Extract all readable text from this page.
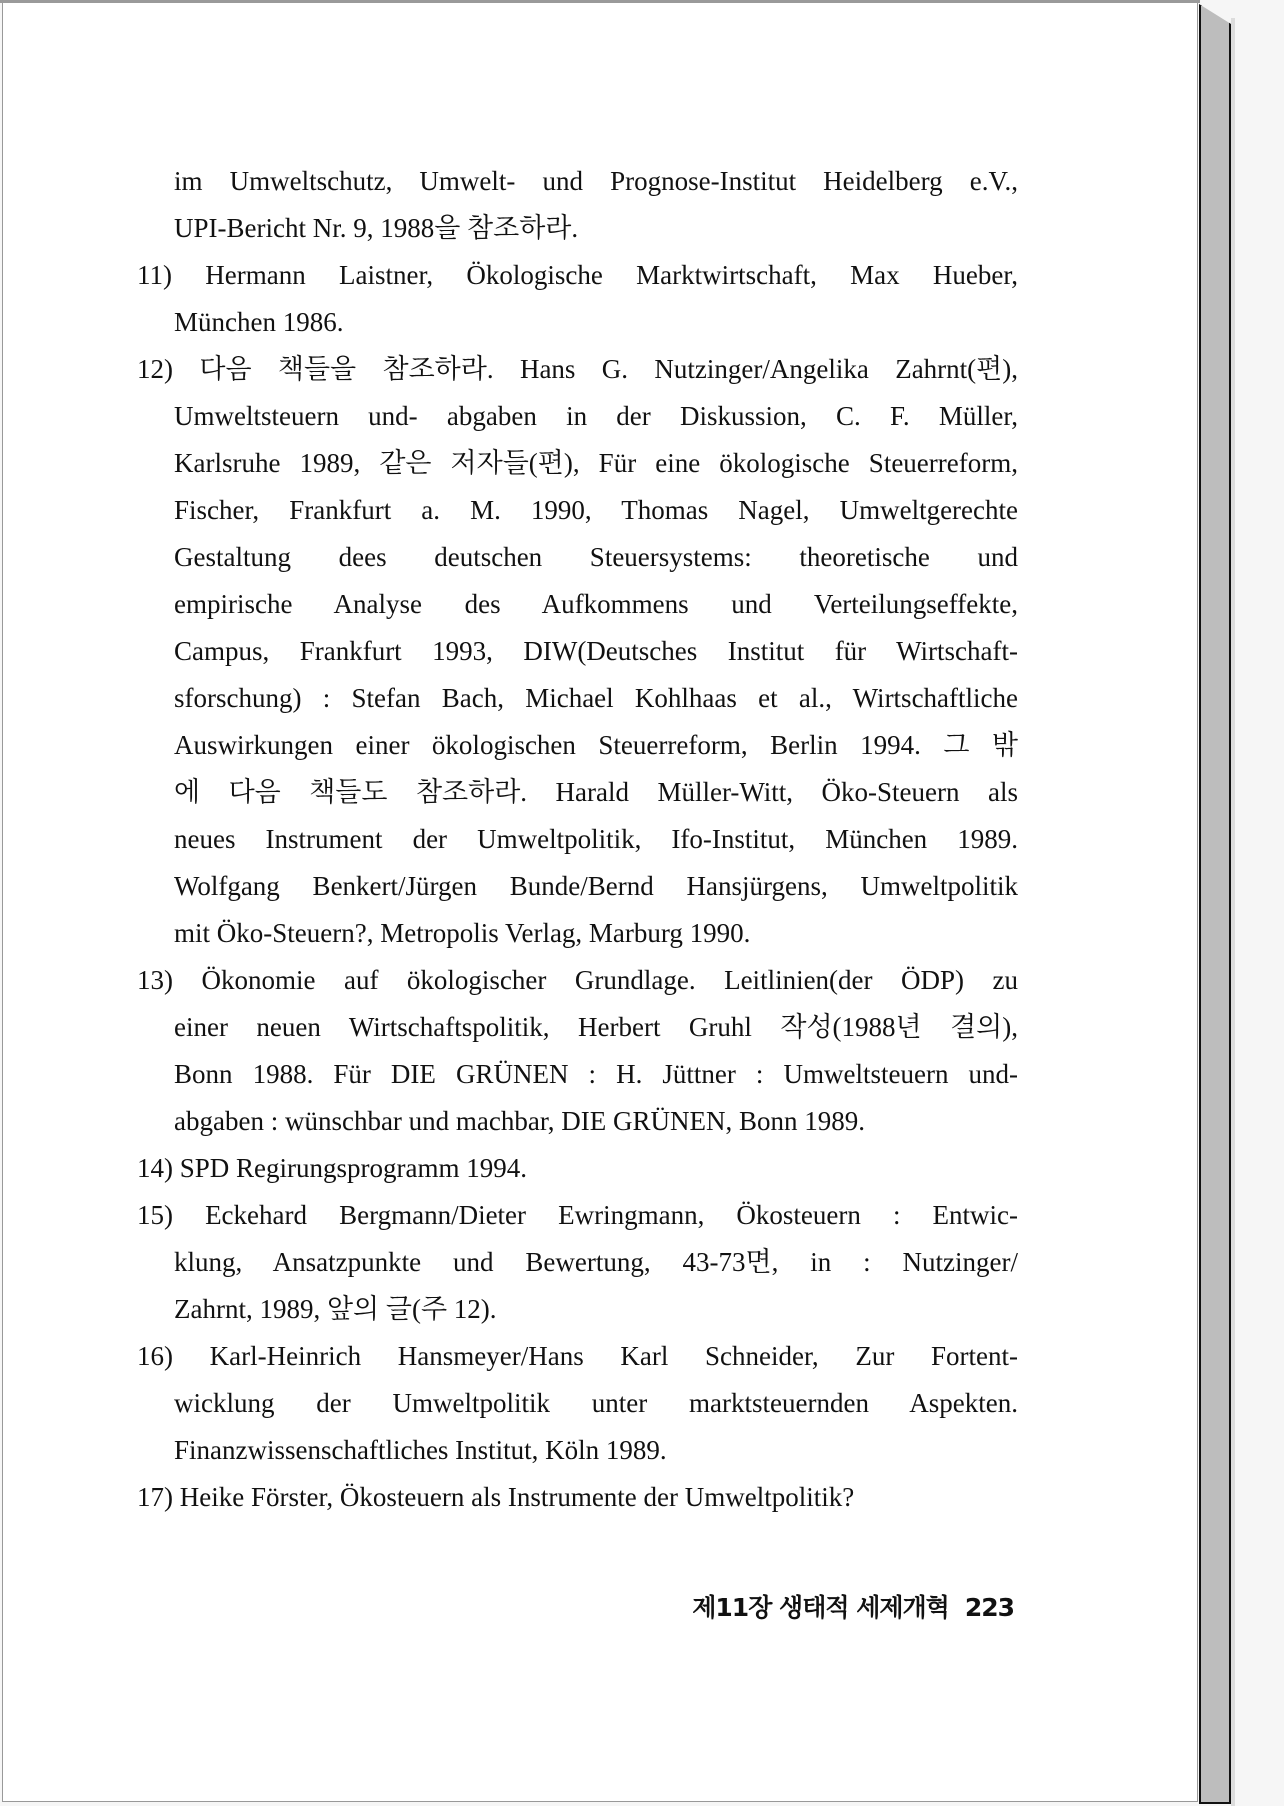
im Umweltschutz, Umwelt- und Prognose-Institut Heidelberg e.V.,
UPI-Bericht Nr. 9, 1988을 참조하라.
11) Hermann Laistner, Ökologische Marktwirtschaft, Max Hueber,
München 1986.
12) 다음 책들을 참조하라. Hans G. Nutzinger/Angelika Zahrnt(편),
Umweltsteuern und- abgaben in der Diskussion, C. F. Müller,
Karlsruhe 1989, 같은 저자들(편), Für eine ökologische Steuerreform,
Fischer, Frankfurt a. M. 1990, Thomas Nagel, Umweltgerechte
Gestaltung dees deutschen Steuersystems: theoretische und
empirische Analyse des Aufkommens und Verteilungseffekte,
Campus, Frankfurt 1993, DIW(Deutsches Institut für Wirtschaft-
sforschung) : Stefan Bach, Michael Kohlhaas et al., Wirtschaftliche
Auswirkungen einer ökologischen Steuerreform, Berlin 1994. 그 밖
에 다음 책들도 참조하라. Harald Müller-Witt, Öko-Steuern als
neues Instrument der Umweltpolitik, Ifo-Institut, München 1989.
Wolfgang Benkert/Jürgen Bunde/Bernd Hansjürgens, Umweltpolitik
mit Öko-Steuern?, Metropolis Verlag, Marburg 1990.
13) Ökonomie auf ökologischer Grundlage. Leitlinien(der ÖDP) zu
einer neuen Wirtschaftspolitik, Herbert Gruhl 작성(1988년 결의),
Bonn 1988. Für DIE GRÜNEN : H. Jüttner : Umweltsteuern und-
abgaben : wünschbar und machbar, DIE GRÜNEN, Bonn 1989.
14) SPD Regirungsprogramm 1994.
15) Eckehard Bergmann/Dieter Ewringmann, Ökosteuern : Entwic-
klung, Ansatzpunkte und Bewertung, 43-73면, in : Nutzinger/
Zahrnt, 1989, 앞의 글(주 12).
16) Karl-Heinrich Hansmeyer/Hans Karl Schneider, Zur Fortent-
wicklung der Umweltpolitik unter marktsteuernden Aspekten.
Finanzwissenschaftliches Institut, Köln 1989.
17) Heike Förster, Ökosteuern als Instrumente der Umweltpolitik?
제11장 생태적 세제개혁 223
